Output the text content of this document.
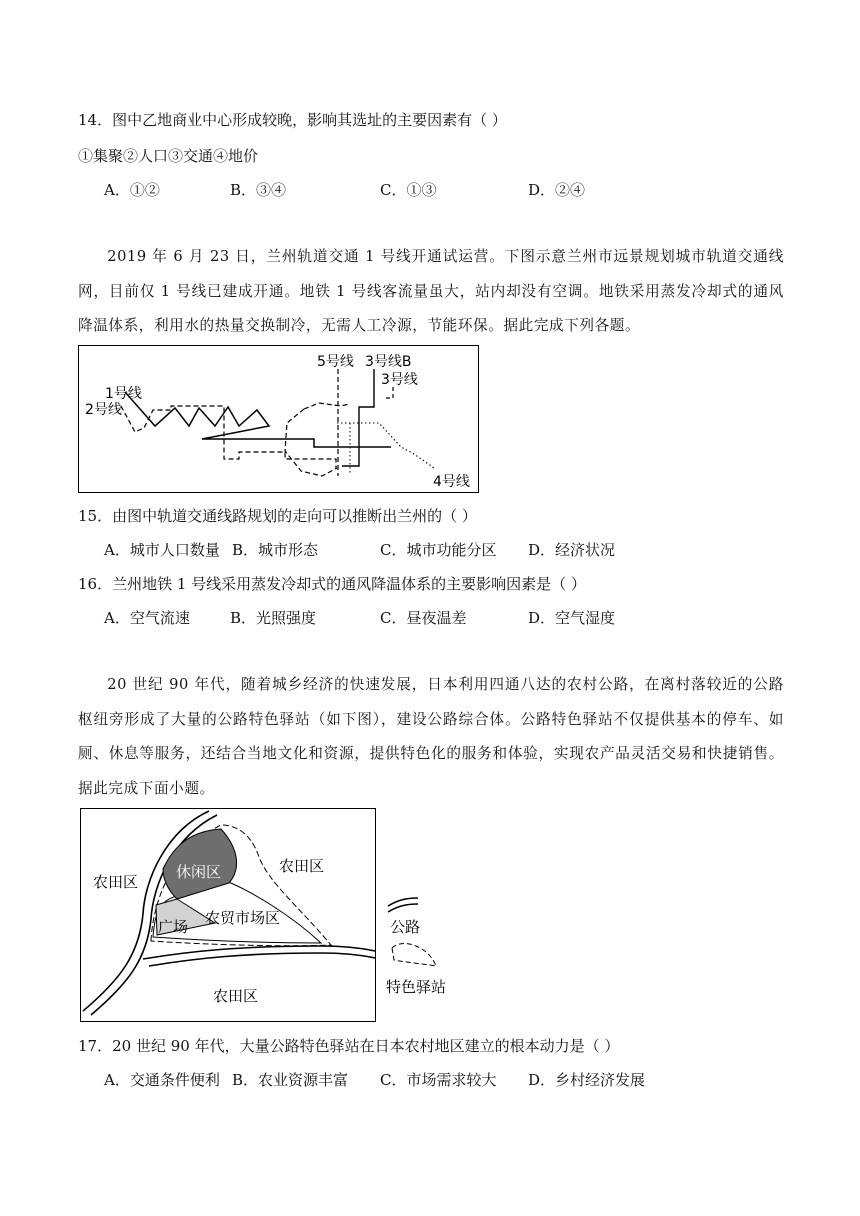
14．图中乙地商业中心形成较晚，影响其选址的主要因素有（ ）
①集聚②人口③交通④地价
A．①②	B．③④	C．①③	D．②④
2019 年 6 月 23 日，兰州轨道交通 1 号线开通试运营。下图示意兰州市远景规划城市轨道交通线网，目前仅 1 号线已建成开通。地铁 1 号线客流量虽大，站内却没有空调。地铁采用蒸发冷却式的通风降温体系，利用水的热量交换制冷，无需人工冷源，节能环保。据此完成下列各题。
1号线
2号线
5号线 3号线B
3号线
4号线
15．由图中轨道交通线路规划的走向可以推断出兰州的（ ）
A．城市人口数量 B．城市形态	C．城市功能分区 D．经济状况
16．兰州地铁 1 号线采用蒸发冷却式的通风降温体系的主要影响因素是（ ）
A．空气流速	B．光照强度	C．昼夜温差	D．空气湿度
20 世纪 90 年代，随着城乡经济的快速发展，日本利用四通八达的农村公路，在离村落较近的公路枢纽旁形成了大量的公路特色驿站（如下图），建设公路综合体。公路特色驿站不仅提供基本的停车、如厕、休息等服务，还结合当地文化和资源，提供特色化的服务和体验，实现农产品灵活交易和快捷销售。据此完成下面小题。
农田区
农田区
农田区
休闲区
广场 农贸市场区	公路
特色驿站
17．20 世纪 90 年代，大量公路特色驿站在日本农村地区建立的根本动力是（ ）
A．交通条件便利 B．农业资源丰富 C．市场需求较大 D．乡村经济发展
